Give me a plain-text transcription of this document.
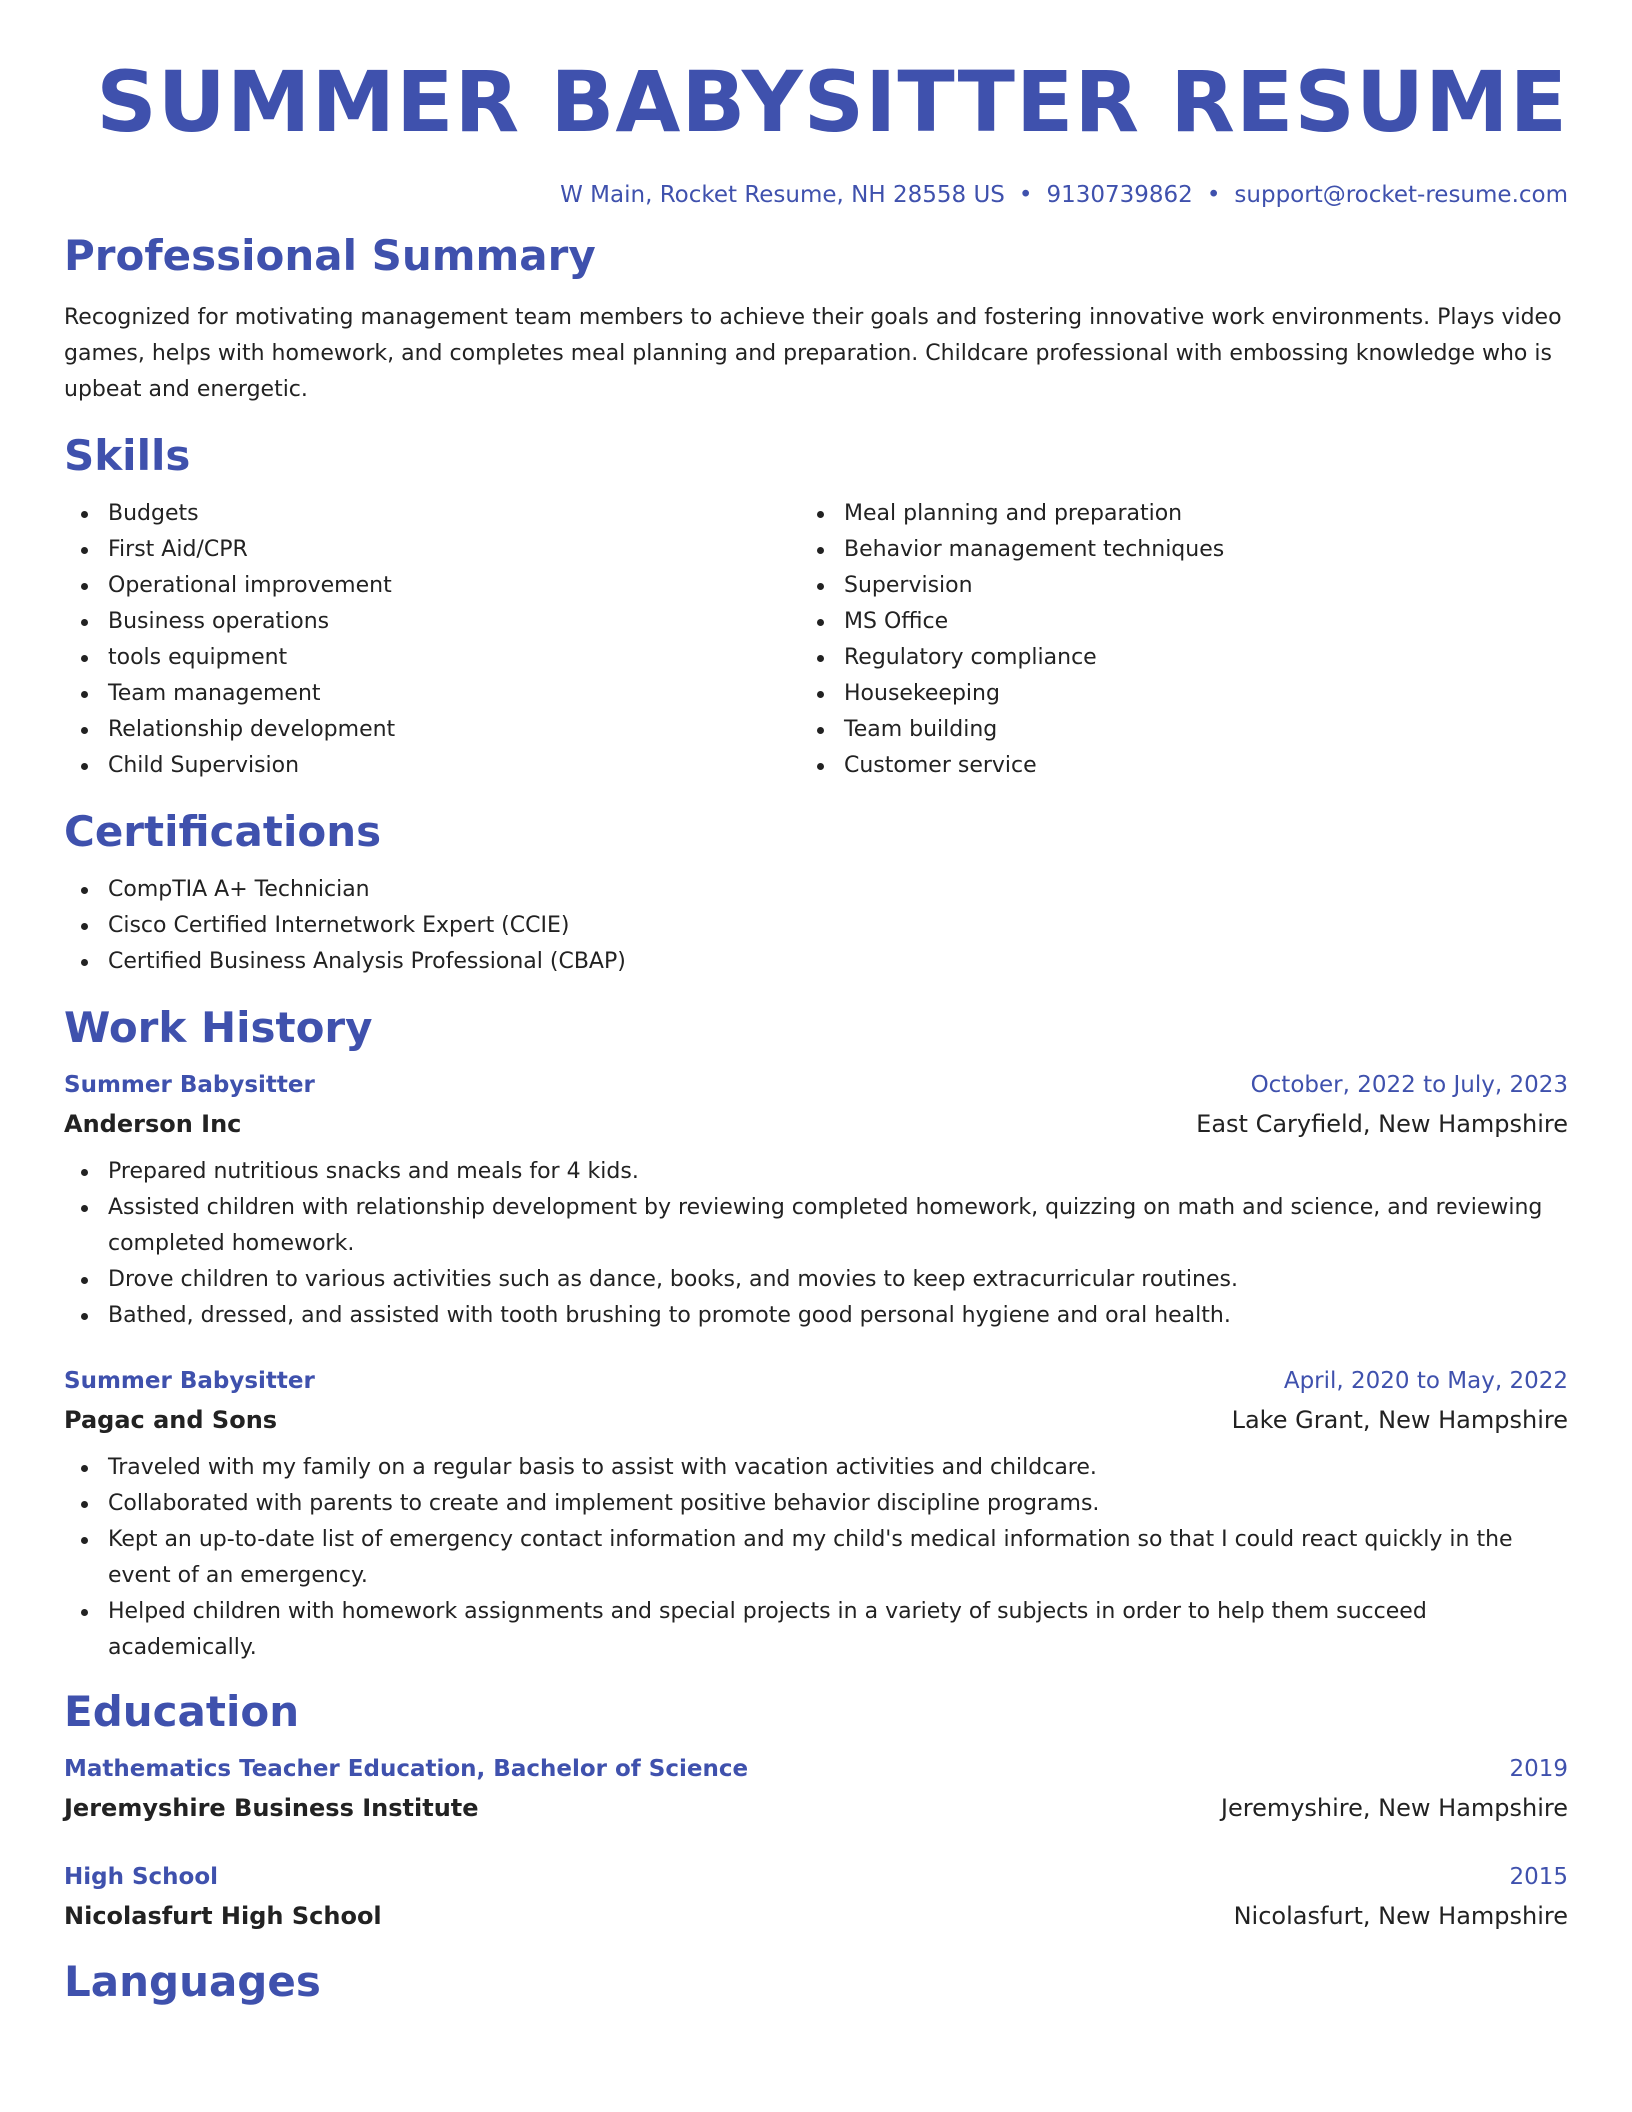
SUMMER BABYSITTER RESUME
W Main, Rocket Resume, NH 28558 US • 9130739862 • support@rocket-resume.com
Professional Summary
Recognized for motivating management team members to achieve their goals and fostering innovative work environments. Plays video games, helps with homework, and completes meal planning and preparation. Childcare professional with embossing knowledge who is upbeat and energetic.
Skills
Budgets
First Aid/CPR
Operational improvement
Business operations
tools equipment
Team management
Relationship development
Child Supervision
Meal planning and preparation
Behavior management techniques
Supervision
MS Office
Regulatory compliance
Housekeeping
Team building
Customer service
Certifications
CompTIA A+ Technician
Cisco Certified Internetwork Expert (CCIE)
Certified Business Analysis Professional (CBAP)
Work History
Summer Babysitter	October, 2022 to July, 2023
Anderson Inc	East Caryfield, New Hampshire
Prepared nutritious snacks and meals for 4 kids.
Assisted children with relationship development by reviewing completed homework, quizzing on math and science, and reviewing completed homework.
Drove children to various activities such as dance, books, and movies to keep extracurricular routines.
Bathed, dressed, and assisted with tooth brushing to promote good personal hygiene and oral health.
Summer Babysitter	April, 2020 to May, 2022
Pagac and Sons	Lake Grant, New Hampshire
Traveled with my family on a regular basis to assist with vacation activities and childcare.
Collaborated with parents to create and implement positive behavior discipline programs.
Kept an up-to-date list of emergency contact information and my child's medical information so that I could react quickly in the event of an emergency.
Helped children with homework assignments and special projects in a variety of subjects in order to help them succeed academically.
Education
Mathematics Teacher Education, Bachelor of Science	2019
Jeremyshire Business Institute	Jeremyshire, New Hampshire
High School	2015
Nicolasfurt High School	Nicolasfurt, New Hampshire
Languages
